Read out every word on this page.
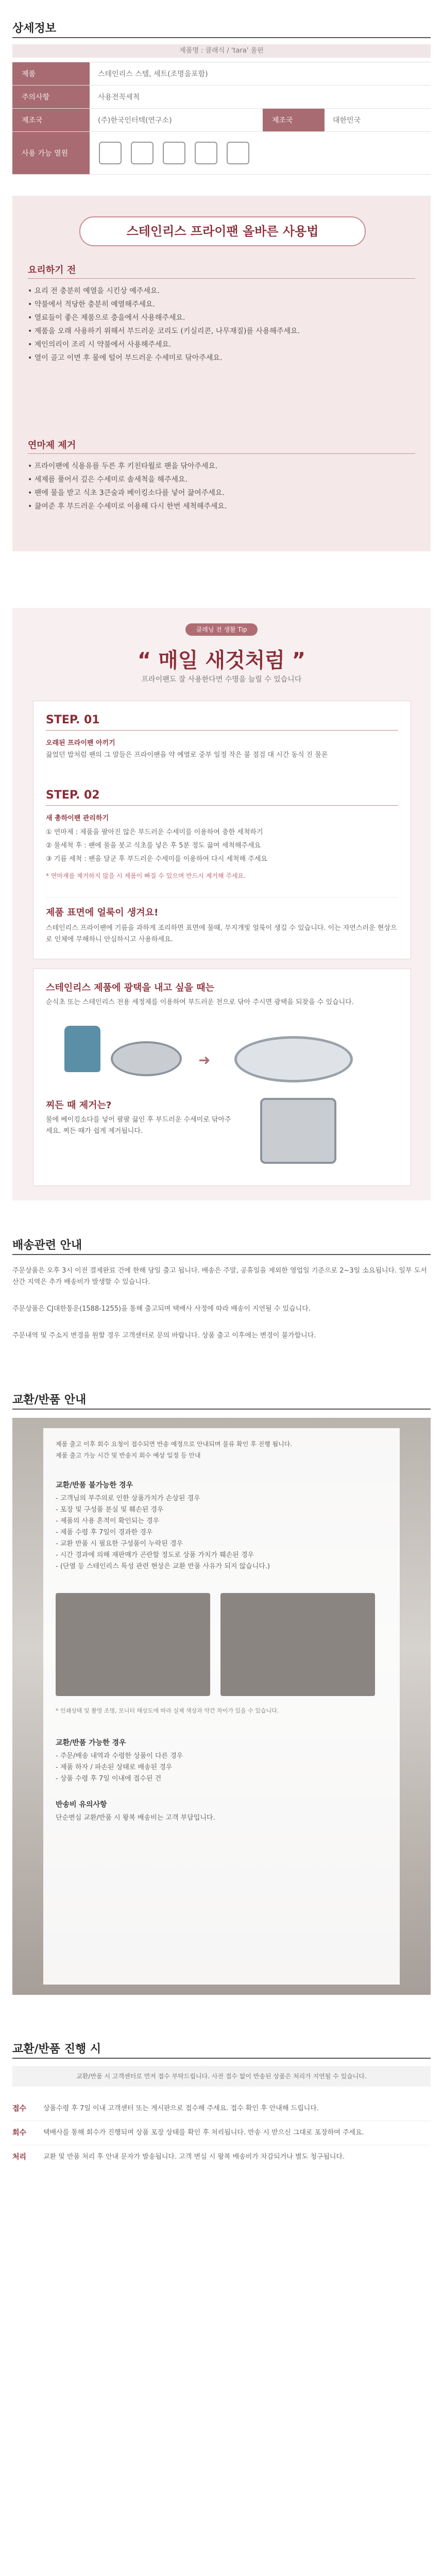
상세정보
제품명 : 클래식 / 'tara' 울펀
제품	스테인리스 스텔, 세트(조명을포함)
주의사항	사용전꼭세척
제조국	(주)한국인터텍(연구소)	제조국	대한민국
사용 가능 열원
스테인리스 프라이팬 올바른 사용법
요리하기 전
• 요리 전 충분히 예열을 시킨상 예주세요.
• 약불에서 적당한 충분히 예열해주세요.
• 열료들이 좋은 제품으로 충을에서 사용해주세요.
• 제품을 오래 사용하기 위해서 부드러운 코리도 (키실리콘, 나무재질)를 사용해주세요.
• 제인의리이 조리 시 약불에서 사용해주세요.
• 열이 골고 이면 후 물에 털어 부드러운 수세미로 닦아주세요.
연마제 제거
• 프라이팬에 식용유를 두른 후 키친타월로 팬을 닦아주세요.
• 세제를 풀어서 깊은 수세미로 솔세척을 해주세요.
• 팬에 물을 받고 식초 3큰술과 베이킹소다를 넣어 끓여주세요.
• 끓여준 후 부드러운 수세미로 이용해 다시 한번 세척해주세요.
클레닝 전 생활 Tip
“ 매일 새것처럼 ”
프라이팬도 잘 사용한다면 수명을 늘릴 수 있습니다
STEP. 01
오래된 프라이팬 아끼기
끓었던 밥처럼 팬의 그 말들은 프라이팬을 약 예열로 중부 일정 작은 불 점검 대 시간 동식 진 물론
STEP. 02
새 총하이팬 관리하기
① 연마제 : 제품을 팔아진 않은 부드러운 수세미를 이용하여 충한 세척하기
② 물세척 후 : 팬에 물을 붓고 식초를 넣은 후 5분 정도 끓여 세척해주세요
③ 기름 세척 : 팬을 달군 후 부드러운 수세미를 이용하여 다시 세척해 주세요
* 연마재를 제거하지 않을 시 제품이 빠질 수 있으며 반드시 제거해 주세요.
제품 표면에 얼룩이 생겨요!
스테인리스 프라이팬에 기름을 과하게 조리하면 표면에 물때, 무지개빛 얼룩이 생길 수 있습니다. 이는 자연스러운 현상으로 인체에 무해하니 안심하시고 사용하세요.
스테인리스 제품에 광택을 내고 싶을 때는
순식초 또는 스테인리스 전용 세정제를 이용하여 부드러운 천으로 닦아 주시면 광택을 되찾을 수 있습니다.
➜
찌든 때 제거는?
물에 베이킹소다를 넣어 팔팔 끓인 후 부드러운 수세미로 닦아주세요. 찌든 때가 쉽게 제거됩니다.
배송관련 안내
주문상품은 오후 3시 이전 결제완료 건에 한해 당일 출고 됩니다. 배송은 주말, 공휴일을 제외한 영업일 기준으로 2~3일 소요됩니다. 일부 도서산간 지역은 추가 배송비가 발생할 수 있습니다.
주문상품은 CJ대한통운(1588-1255)을 통해 출고되며 택배사 사정에 따라 배송이 지연될 수 있습니다.
주문내역 및 주소지 변경을 원할 경우 고객센터로 문의 바랍니다. 상품 출고 이후에는 변경이 불가합니다.
교환/반품 안내
제품 출고 이후 회수 요청이 접수되면 반송 예정으로 안내되며 물류 확인 후 진행 됩니다.
제품 출고 가능 시간 및 반송지 회수 예상 일정 등 안내
교환/반품 불가능한 경우
- 고객님의 부주의로 인한 상품가치가 손상된 경우
- 포장 및 구성품 분실 및 훼손된 경우
- 제품의 사용 흔적이 확인되는 경우
- 제품 수령 후 7일이 경과한 경우
- 교환 반품 시 필요한 구성품이 누락된 경우
- 시간 경과에 의해 재판매가 곤란할 정도로 상품 가치가 훼손된 경우
- (단열 등 스테인리스 특성 관련 현상은 교환 반품 사유가 되지 않습니다.)
* 인쇄상태 및 촬영 조명, 모니터 해상도에 따라 실제 색상과 약간 차이가 있을 수 있습니다.
교환/반품 가능한 경우
- 주문/배송 내역과 수령한 상품이 다른 경우
- 제품 하자 / 파손된 상태로 배송된 경우
- 상품 수령 후 7일 이내에 접수된 건
반송비 유의사항
단순변심 교환/반품 시 왕복 배송비는 고객 부담입니다.
교환/반품 진행 시
교환/반품 시 고객센터로 먼저 접수 부탁드립니다. 사전 접수 없이 반송된 상품은 처리가 지연될 수 있습니다.
접수	상품수령 후 7일 이내 고객센터 또는 게시판으로 접수해 주세요. 접수 확인 후 안내해 드립니다.
회수	택배사를 통해 회수가 진행되며 상품 포장 상태를 확인 후 처리됩니다. 반송 시 받으신 그대로 포장하여 주세요.
처리	교환 및 반품 처리 후 안내 문자가 발송됩니다. 고객 변심 시 왕복 배송비가 차감되거나 별도 청구됩니다.
